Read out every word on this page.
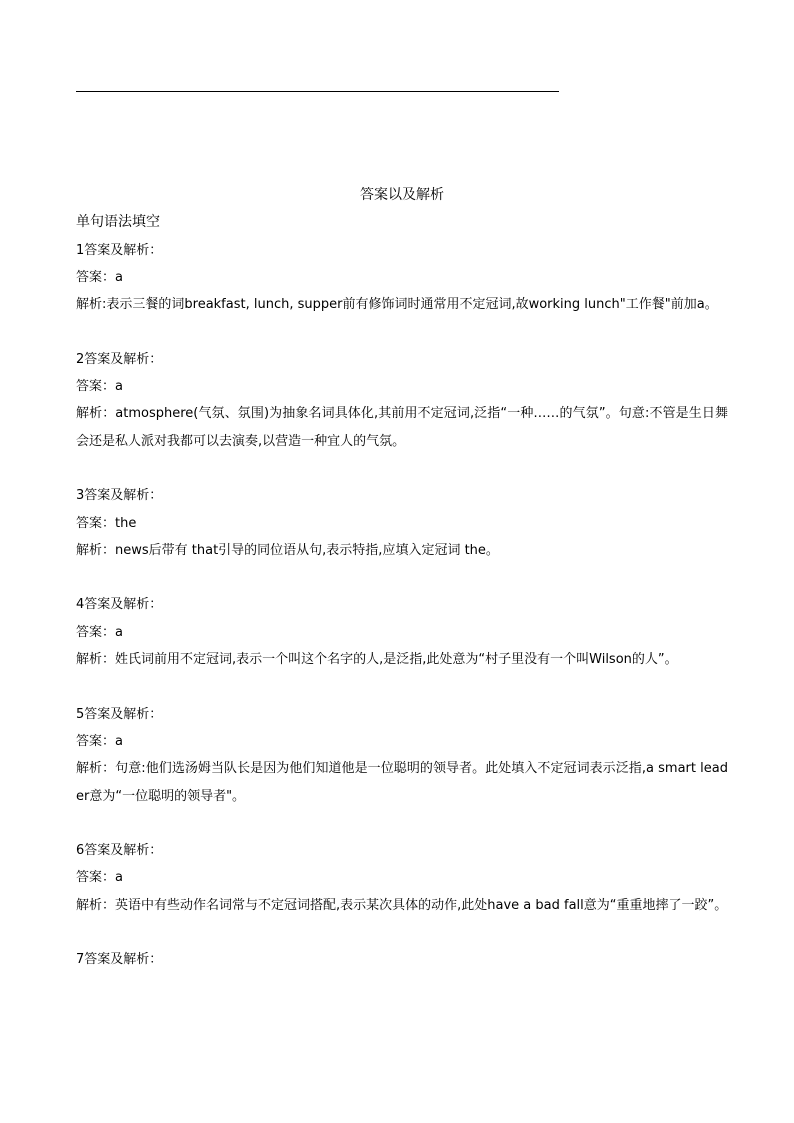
答案以及解析

单句语法填空

1答案及解析：

答案：a

解析:表示三餐的词breakfast, lunch, supper前有修饰词时通常用不定冠词,故working lunch"工作餐"前加a。

2答案及解析：

答案：a

解析：atmosphere(气氛、氛围)为抽象名词具体化,其前用不定冠词,泛指“一种……的气氛”。句意:不管是生日舞会还是私人派对我都可以去演奏,以营造一种宜人的气氛。

3答案及解析：

答案：the

解析：news后带有 that引导的同位语从句,表示特指,应填入定冠词 the。

4答案及解析：

答案：a

解析：姓氏词前用不定冠词,表示一个叫这个名字的人,是泛指,此处意为“村子里没有一个叫Wilson的人”。

5答案及解析：

答案：a

解析：句意:他们选汤姆当队长是因为他们知道他是一位聪明的领导者。此处填入不定冠词表示泛指,a smart leader意为“一位聪明的领导者"。

6答案及解析：

答案：a

解析：英语中有些动作名词常与不定冠词搭配,表示某次具体的动作,此处have a bad fall意为“重重地摔了一跤”。

7答案及解析：
